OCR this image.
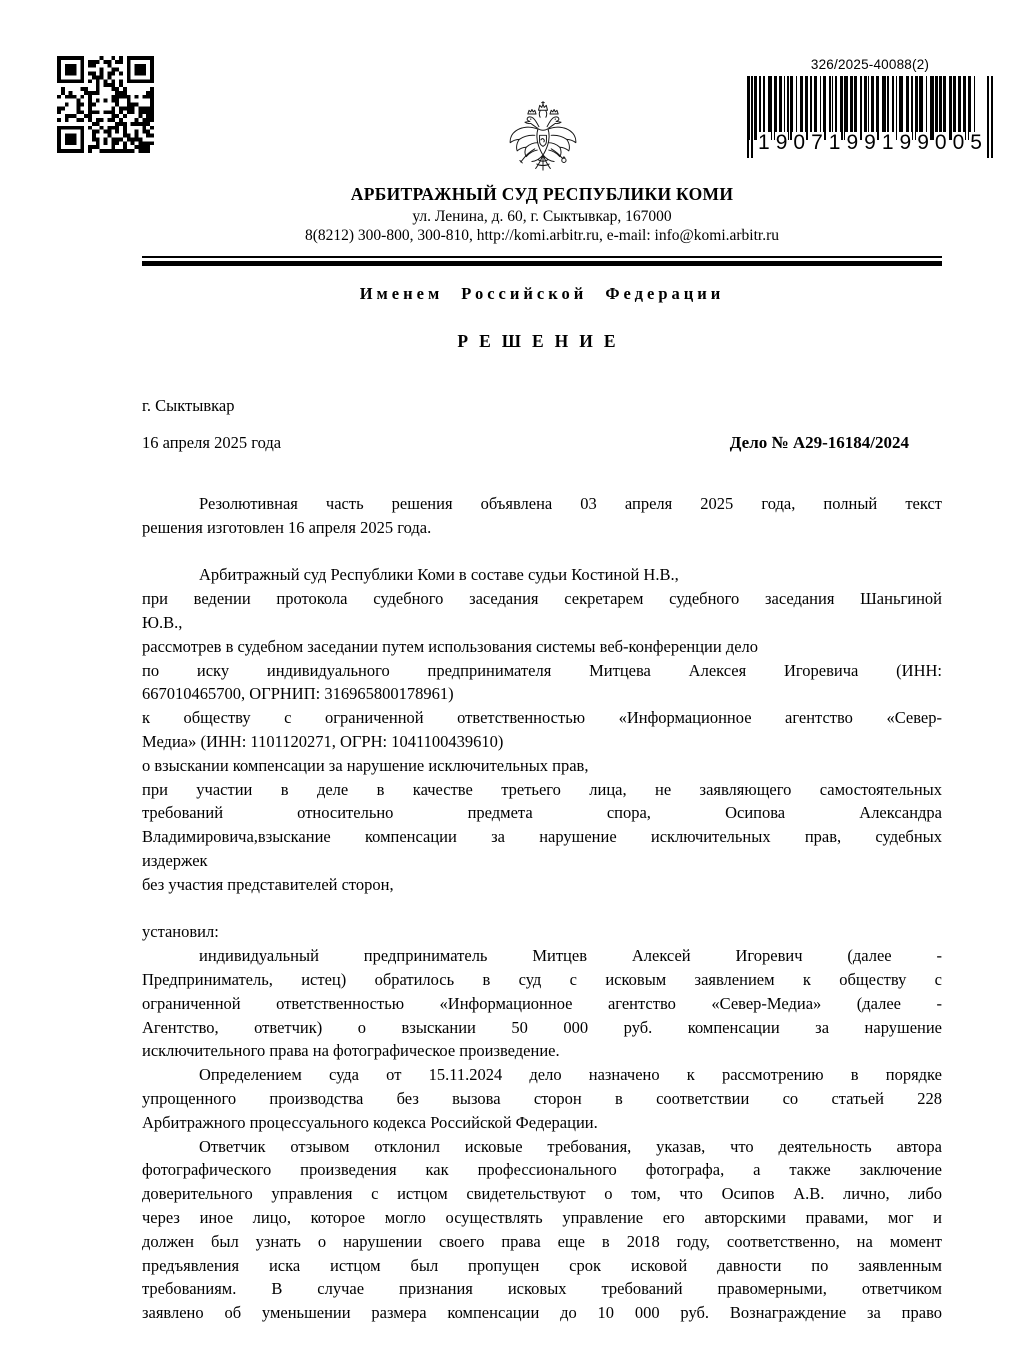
326/2025-40088(2)
1 9 0 7 1 9 9 1 9 9 0 0 5
АРБИТРАЖНЫЙ СУД РЕСПУБЛИКИ КОМИ
ул. Ленина, д. 60, г. Сыктывкар, 167000
8(8212) 300-800, 300-810, http://komi.arbitr.ru, e-mail: info@komi.arbitr.ru
Именем Российской Федерации
РЕШЕНИЕ
г. Сыктывкар
16 апреля 2025 года	Дело № А29-16184/2024
Резолютивная часть решения объявлена 03 апреля 2025 года, полный текст
решения изготовлен 16 апреля 2025 года.
Арбитражный суд Республики Коми в составе судьи Костиной Н.В.,
при ведении протокола судебного заседания секретарем судебного заседания Шаньгиной
Ю.В.,
рассмотрев в судебном заседании путем использования системы веб-конференции дело
по иску индивидуального предпринимателя Митцева Алексея Игоревича (ИНН:
667010465700, ОГРНИП: 316965800178961)
к обществу с ограниченной ответственностью «Информационное агентство «Север-
Медиа» (ИНН: 1101120271, ОГРН: 1041100439610)
о взыскании компенсации за нарушение исключительных прав,
при участии в деле в качестве третьего лица, не заявляющего самостоятельных
требований относительно предмета спора, Осипова Александра
Владимировича,взыскание компенсации за нарушение исключительных прав, судебных
издержек
без участия представителей сторон,
установил:
индивидуальный предприниматель Митцев Алексей Игоревич (далее -
Предприниматель, истец) обратилось в суд с исковым заявлением к обществу с
ограниченной ответственностью «Информационное агентство «Север-Медиа» (далее -
Агентство, ответчик) о взыскании 50 000 руб. компенсации за нарушение
исключительного права на фотографическое произведение.
Определением суда от 15.11.2024 дело назначено к рассмотрению в порядке
упрощенного производства без вызова сторон в соответствии со статьей 228
Арбитражного процессуального кодекса Российской Федерации.
Ответчик отзывом отклонил исковые требования, указав, что деятельность автора
фотографического произведения как профессионального фотографа, а также заключение
доверительного управления с истцом свидетельствуют о том, что Осипов А.В. лично, либо
через иное лицо, которое могло осуществлять управление его авторскими правами, мог и
должен был узнать о нарушении своего права еще в 2018 году, соответственно, на момент
предъявления иска истцом был пропущен срок исковой давности по заявленным
требованиям. В случае признания исковых требований правомерными, ответчиком
заявлено об уменьшении размера компенсации до 10 000 руб. Вознаграждение за право
